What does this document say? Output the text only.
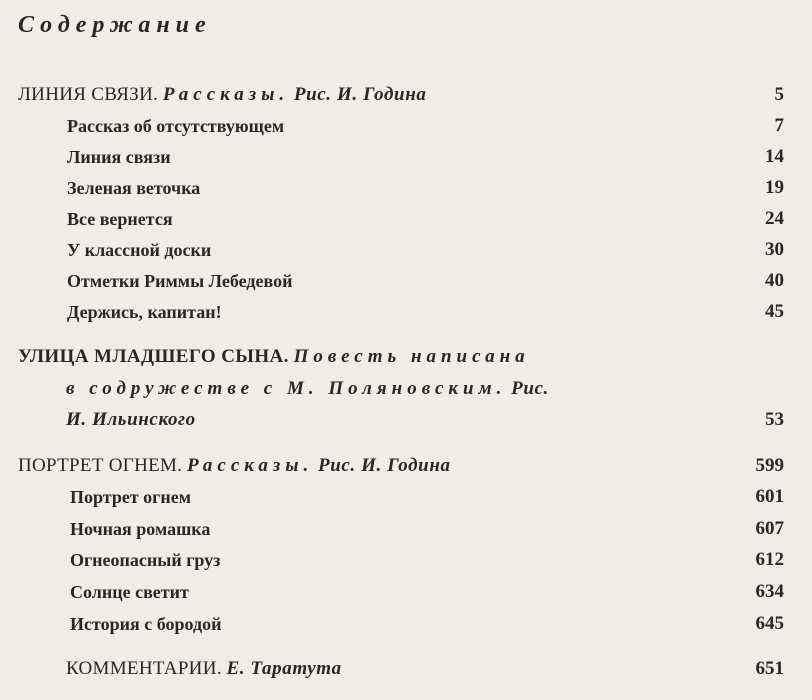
Содержание
ЛИНИЯ СВЯЗИ. Рассказы. Рис. И. Година	5
Рассказ об отсутствующем	7
Линия связи	14
Зеленая веточка	19
Все вернется	24
У классной доски	30
Отметки Риммы Лебедевой	40
Держись, капитан!	45
УЛИЦА МЛАДШЕГО СЫНА. Повесть написана
в содружестве с М. Поляновским. Рис.
И. Ильинского	53
ПОРТРЕТ ОГНЕМ. Рассказы. Рис. И. Година	599
Портрет огнем	601
Ночная ромашка	607
Огнеопасный груз	612
Солнце светит	634
История с бородой	645
КОММЕНТАРИИ. Е. Таратута	651
